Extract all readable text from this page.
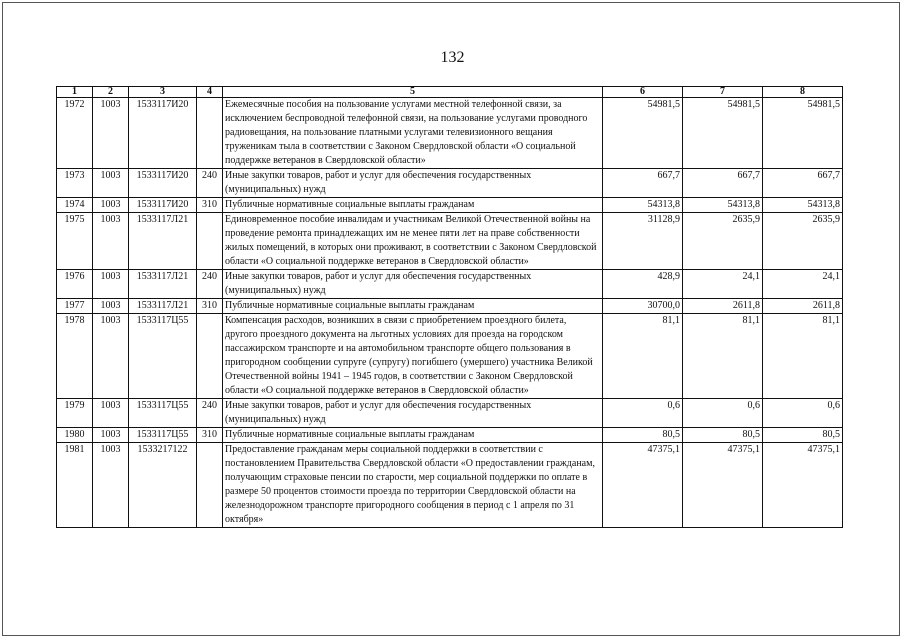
132
1	2	3	4	5	6	7	8
1972	1003	1533117И20		Ежемесячные пособия на пользование услугами местной телефонной связи, за исключением беспроводной телефонной связи, на пользование услугами проводного радиовещания, на пользование платными услугами телевизионного вещания труженикам тыла в соответствии с Законом Свердловской области «О социальной поддержке ветеранов в Свердловской области»	54981,5	54981,5	54981,5
1973	1003	1533117И20	240	Иные закупки товаров, работ и услуг для обеспечения государственных (муниципальных) нужд	667,7	667,7	667,7
1974	1003	1533117И20	310	Публичные нормативные социальные выплаты гражданам	54313,8	54313,8	54313,8
1975	1003	1533117Л21		Единовременное пособие инвалидам и участникам Великой Отечественной войны на проведение ремонта принадлежащих им не менее пяти лет на праве собственности жилых помещений, в которых они проживают, в соответствии с Законом Свердловской области «О социальной поддержке ветеранов в Свердловской области»	31128,9	2635,9	2635,9
1976	1003	1533117Л21	240	Иные закупки товаров, работ и услуг для обеспечения государственных (муниципальных) нужд	428,9	24,1	24,1
1977	1003	1533117Л21	310	Публичные нормативные социальные выплаты гражданам	30700,0	2611,8	2611,8
1978	1003	1533117Ц55		Компенсация расходов, возникших в связи с приобретением проездного билета, другого проездного документа на льготных условиях для проезда на городском пассажирском транспорте и на автомобильном транспорте общего пользования в пригородном сообщении супруге (супругу) погибшего (умершего) участника Великой Отечественной войны 1941 – 1945 годов, в соответствии с Законом Свердловской области «О социальной поддержке ветеранов в Свердловской области»	81,1	81,1	81,1
1979	1003	1533117Ц55	240	Иные закупки товаров, работ и услуг для обеспечения государственных (муниципальных) нужд	0,6	0,6	0,6
1980	1003	1533117Ц55	310	Публичные нормативные социальные выплаты гражданам	80,5	80,5	80,5
1981	1003	1533217122		Предоставление гражданам меры социальной поддержки в соответствии с постановлением Правительства Свердловской области «О предоставлении гражданам, получающим страховые пенсии по старости, мер социальной поддержки по оплате в размере 50 процентов стоимости проезда по территории Свердловской области на железнодорожном транспорте пригородного сообщения в период с 1 апреля по 31 октября»	47375,1	47375,1	47375,1
